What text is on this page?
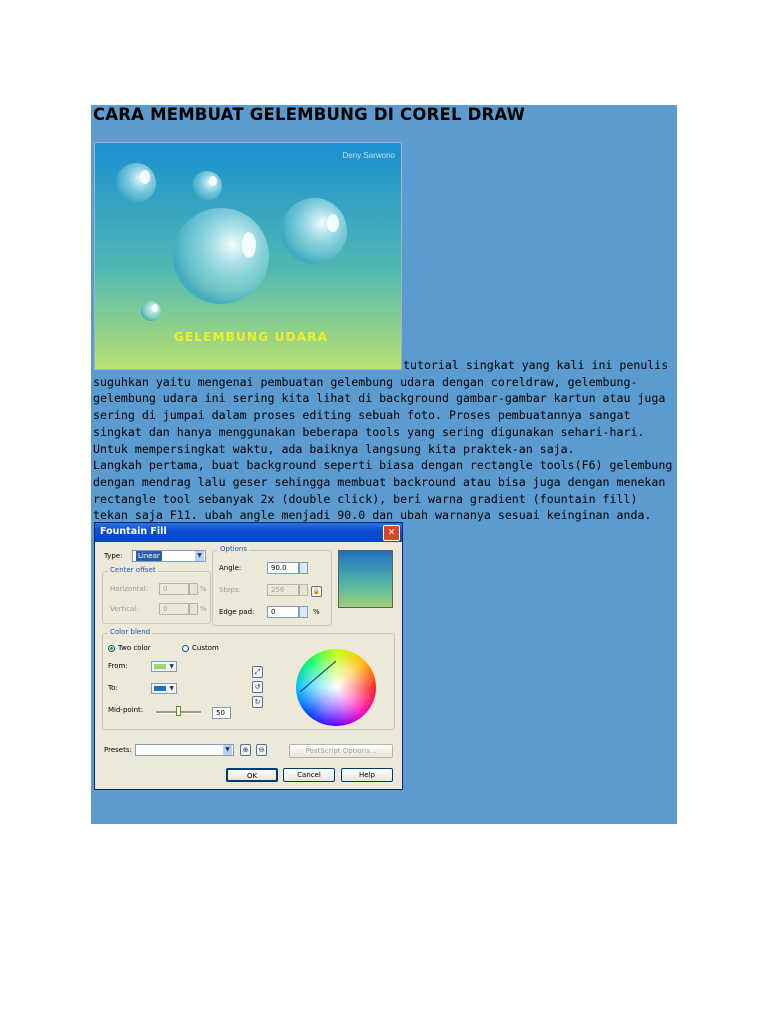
CARA MEMBUAT GELEMBUNG DI COREL DRAW
Deny Sarwono
GELEMBUNG UDARA

tutorial singkat yang kali ini penulis suguhkan yaitu mengenai pembuatan gelembung udara dengan coreldraw, gelembung-gelembung udara ini sering kita lihat di background gambar-gambar kartun atau juga sering di jumpai dalam proses editing sebuah foto. Proses pembuatannya sangat singkat dan hanya menggunakan beberapa tools yang sering digunakan sehari-hari. Untuk mempersingkat waktu, ada baiknya langsung kita praktek-an saja.

Langkah pertama, buat background seperti biasa dengan rectangle tools(F6) gelembung dengan mendrag lalu geser sehingga membuat backround atau bisa juga dengan menekan rectangle tool sebanyak 2x (double click), beri warna gradient (fountain fill) tekan saja F11. ubah angle menjadi 90.0 dan ubah warnanya sesuai keinginan anda.

Fountain Fill	✕
Type:	Linear	▼
Center offset
Horizontal:	0	%
Vertical:	0	%
Options
Angle:	90.0
Steps:	256	🔒
Edge pad:	0	%
Color blend
Two color	Custom
From:	▼
To:	▼
Mid-point:	50
⤢
↺
↻
Presets:	▼	⊕	⊖	PostScript Options...
OK	Cancel	Help
